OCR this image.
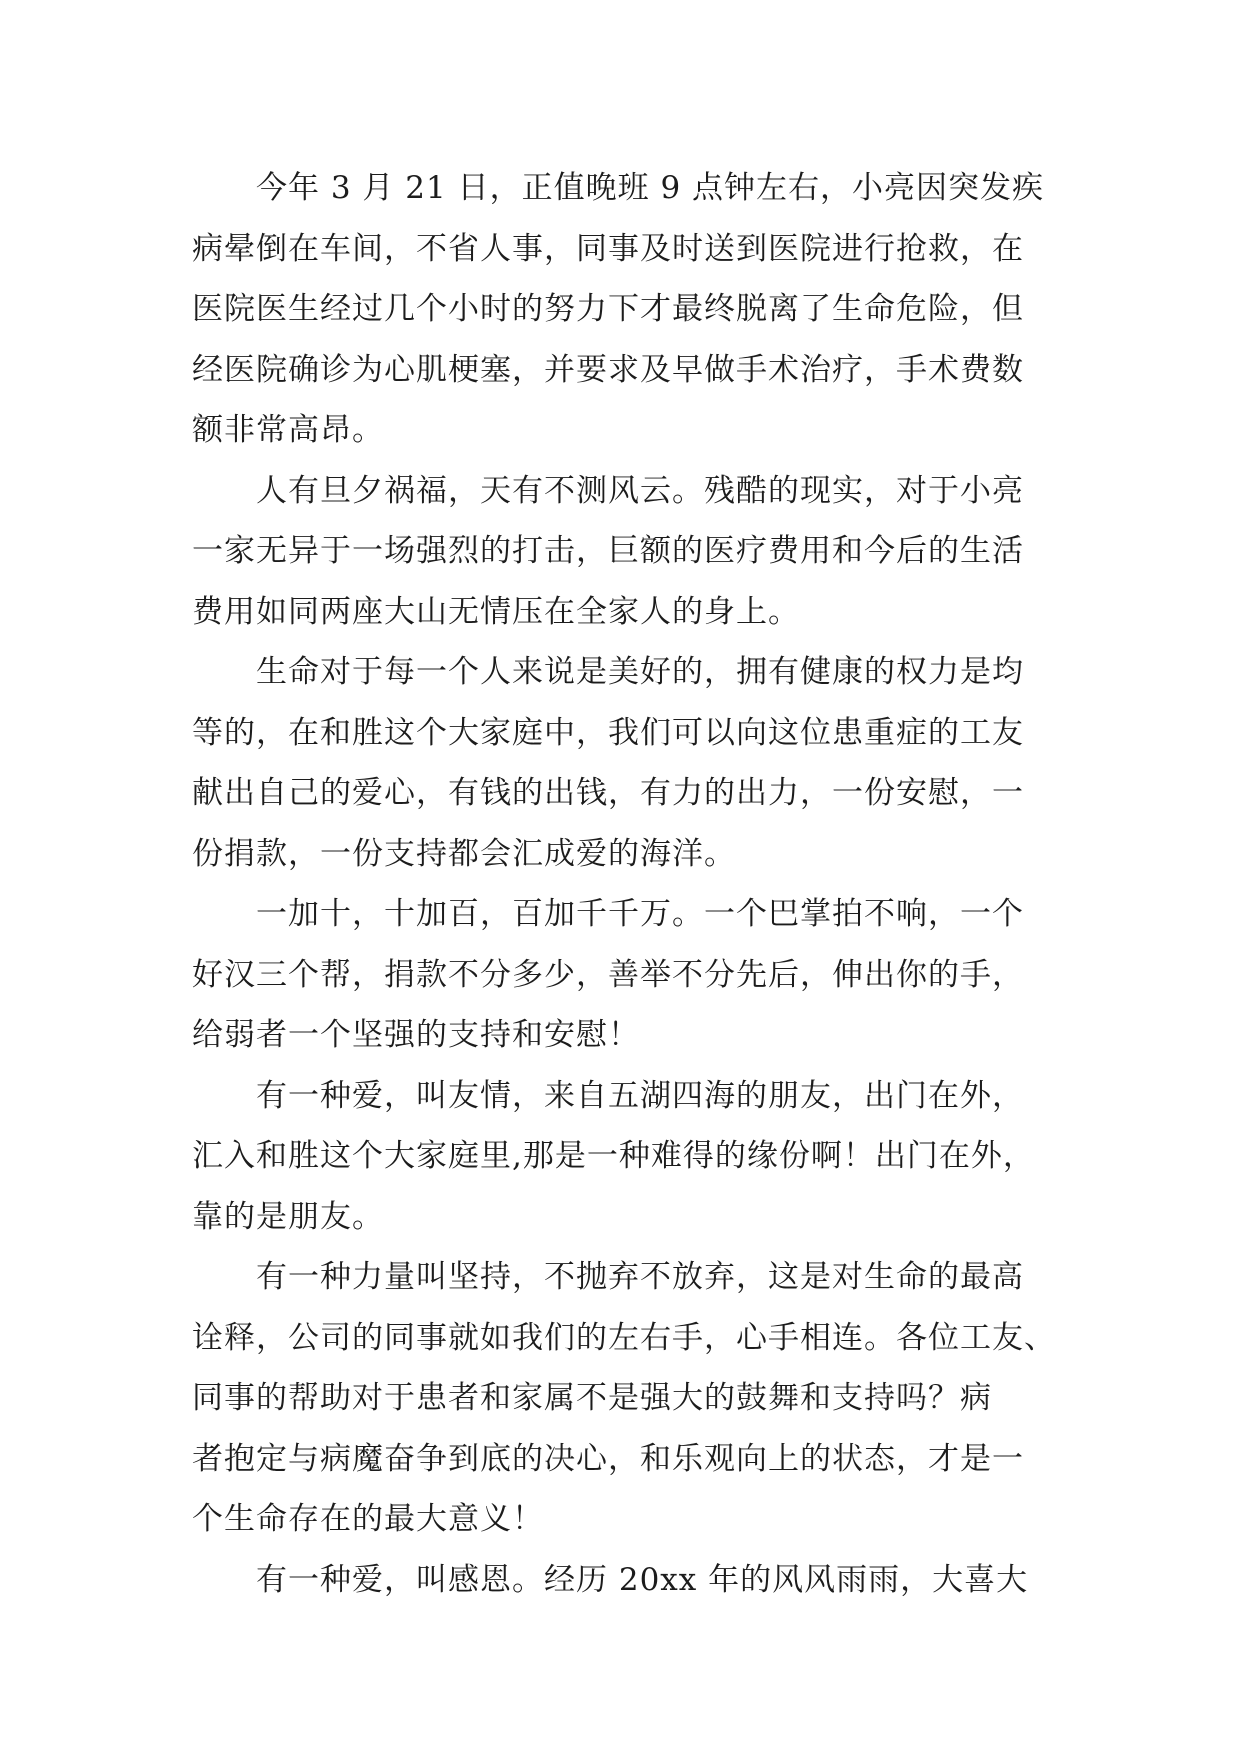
今年 3 月 21 日，正值晚班 9 点钟左右，小亮因突发疾
病晕倒在车间，不省人事，同事及时送到医院进行抢救，在
医院医生经过几个小时的努力下才最终脱离了生命危险，但
经医院确诊为心肌梗塞，并要求及早做手术治疗，手术费数
额非常高昂。
人有旦夕祸福，天有不测风云。残酷的现实，对于小亮
一家无异于一场强烈的打击，巨额的医疗费用和今后的生活
费用如同两座大山无情压在全家人的身上。
生命对于每一个人来说是美好的，拥有健康的权力是均
等的，在和胜这个大家庭中，我们可以向这位患重症的工友
献出自己的爱心，有钱的出钱，有力的出力，一份安慰，一
份捐款，一份支持都会汇成爱的海洋。
一加十，十加百，百加千千万。一个巴掌拍不响，一个
好汉三个帮，捐款不分多少，善举不分先后，伸出你的手，
给弱者一个坚强的支持和安慰！
有一种爱，叫友情，来自五湖四海的朋友，出门在外，
汇入和胜这个大家庭里,那是一种难得的缘份啊！出门在外，
靠的是朋友。
有一种力量叫坚持，不抛弃不放弃，这是对生命的最高
诠释，公司的同事就如我们的左右手，心手相连。各位工友、
同事的帮助对于患者和家属不是强大的鼓舞和支持吗？病
者抱定与病魔奋争到底的决心，和乐观向上的状态，才是一
个生命存在的最大意义！
有一种爱，叫感恩。经历 20xx 年的风风雨雨，大喜大
